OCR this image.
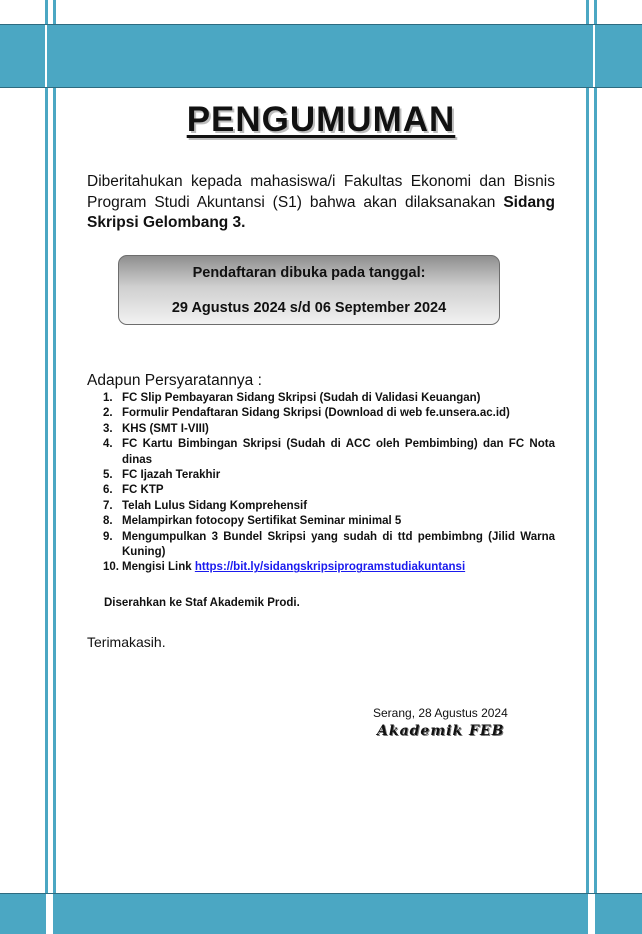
PENGUMUMAN
Diberitahukan kepada mahasiswa/i Fakultas Ekonomi dan Bisnis Program Studi Akuntansi (S1) bahwa akan dilaksanakan Sidang Skripsi Gelombang 3.
Pendaftaran dibuka pada tanggal:
29 Agustus 2024 s/d 06 September 2024
Adapun Persyaratannya :
1. FC Slip Pembayaran Sidang Skripsi (Sudah di Validasi Keuangan)
2. Formulir Pendaftaran Sidang Skripsi (Download di web fe.unsera.ac.id)
3. KHS (SMT I-VIII)
4. FC Kartu Bimbingan Skripsi (Sudah di ACC oleh Pembimbing) dan FC Nota dinas
5. FC Ijazah Terakhir
6. FC KTP
7. Telah Lulus Sidang Komprehensif
8. Melampirkan fotocopy Sertifikat Seminar minimal 5
9. Mengumpulkan 3 Bundel Skripsi yang sudah di ttd pembimbng (Jilid Warna Kuning)
10. Mengisi Link https://bit.ly/sidangskripsiprogramstudiakuntansi
Diserahkan ke Staf Akademik Prodi.
Terimakasih.
Serang, 28 Agustus 2024
Akademik FEB
